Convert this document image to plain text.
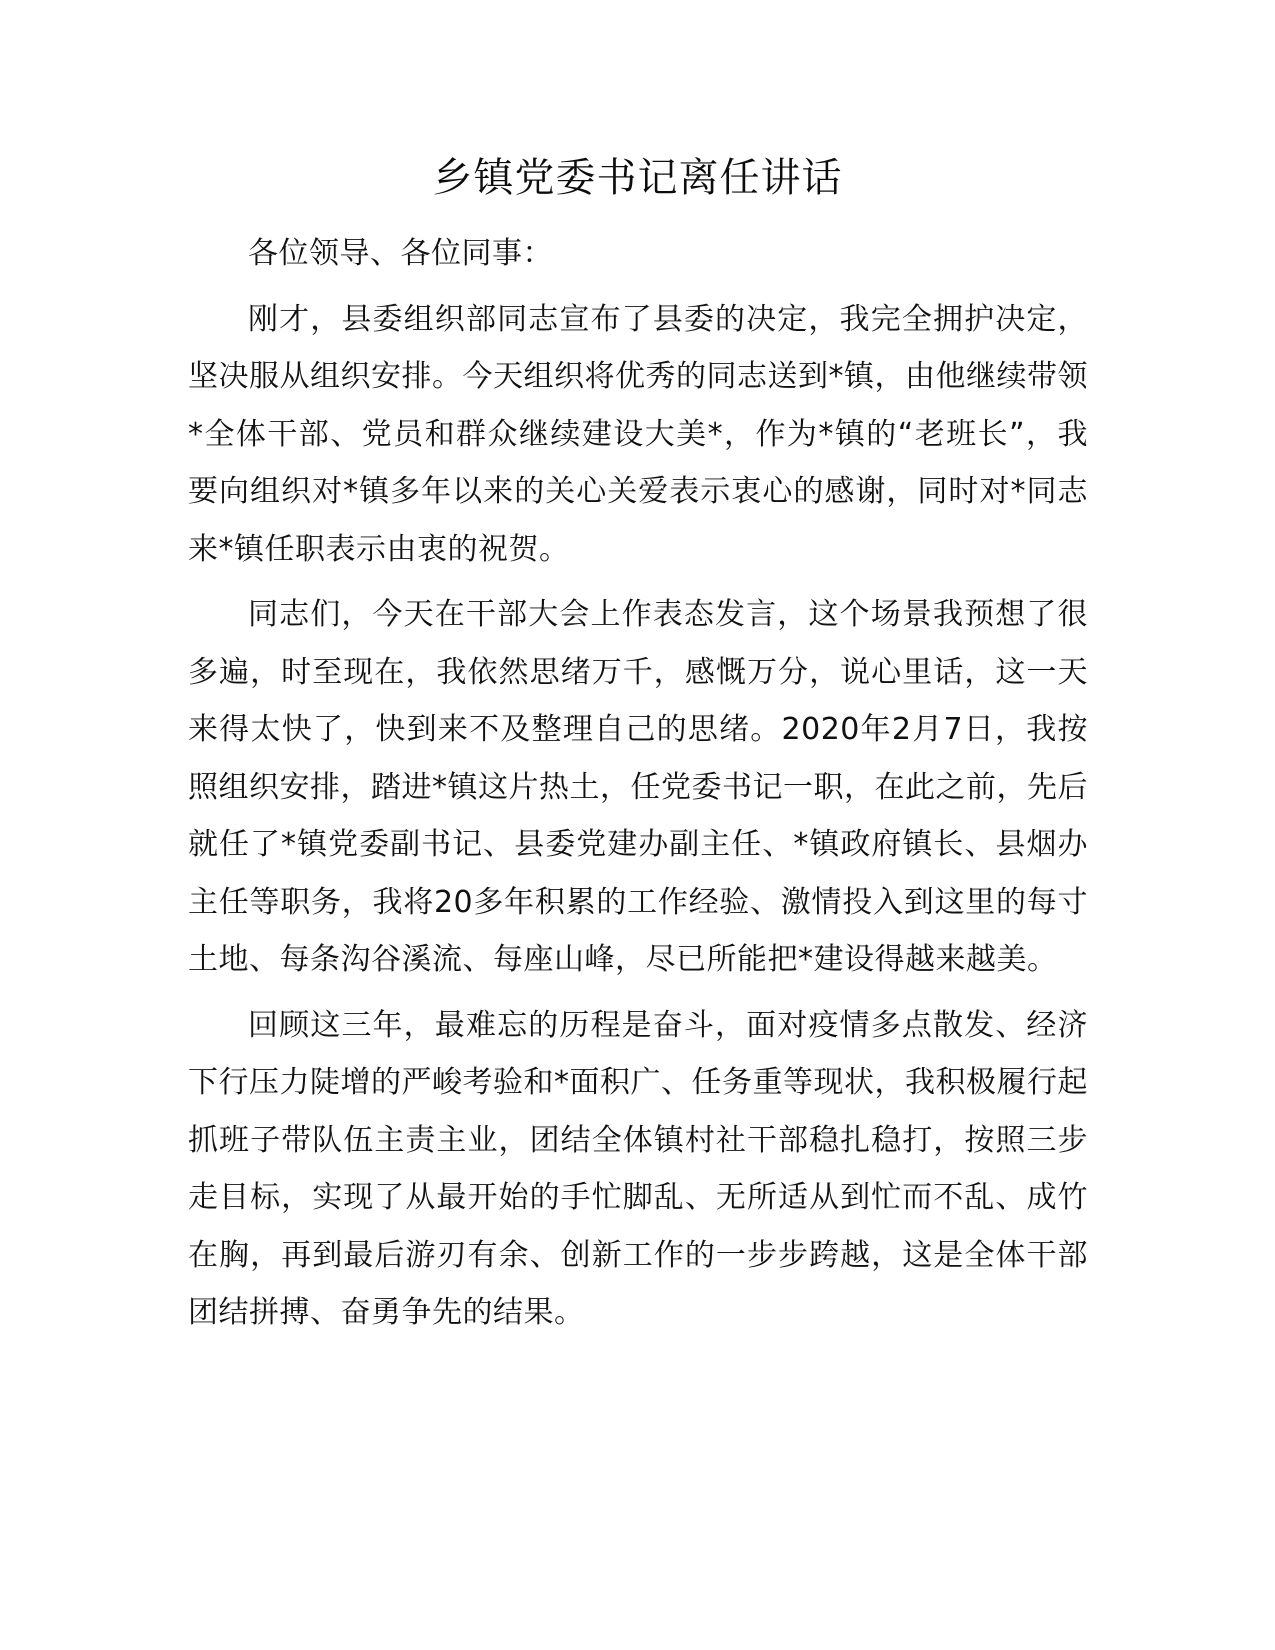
乡镇党委书记离任讲话

各位领导、各位同事：

刚才，县委组织部同志宣布了县委的决定，我完全拥护决定，坚决服从组织安排。今天组织将优秀的同志送到*镇，由他继续带领*全体干部、党员和群众继续建设大美*，作为*镇的“老班长”，我要向组织对*镇多年以来的关心关爱表示衷心的感谢，同时对*同志来*镇任职表示由衷的祝贺。

同志们，今天在干部大会上作表态发言，这个场景我预想了很多遍，时至现在，我依然思绪万千，感慨万分，说心里话，这一天来得太快了，快到来不及整理自己的思绪。2020年2月7日，我按照组织安排，踏进*镇这片热土，任党委书记一职，在此之前，先后就任了*镇党委副书记、县委党建办副主任、*镇政府镇长、县烟办主任等职务，我将20多年积累的工作经验、激情投入到这里的每寸土地、每条沟谷溪流、每座山峰，尽已所能把*建设得越来越美。

回顾这三年，最难忘的历程是奋斗，面对疫情多点散发、经济下行压力陡增的严峻考验和*面积广、任务重等现状，我积极履行起抓班子带队伍主责主业，团结全体镇村社干部稳扎稳打，按照三步走目标，实现了从最开始的手忙脚乱、无所适从到忙而不乱、成竹在胸，再到最后游刃有余、创新工作的一步步跨越，这是全体干部团结拼搏、奋勇争先的结果。
